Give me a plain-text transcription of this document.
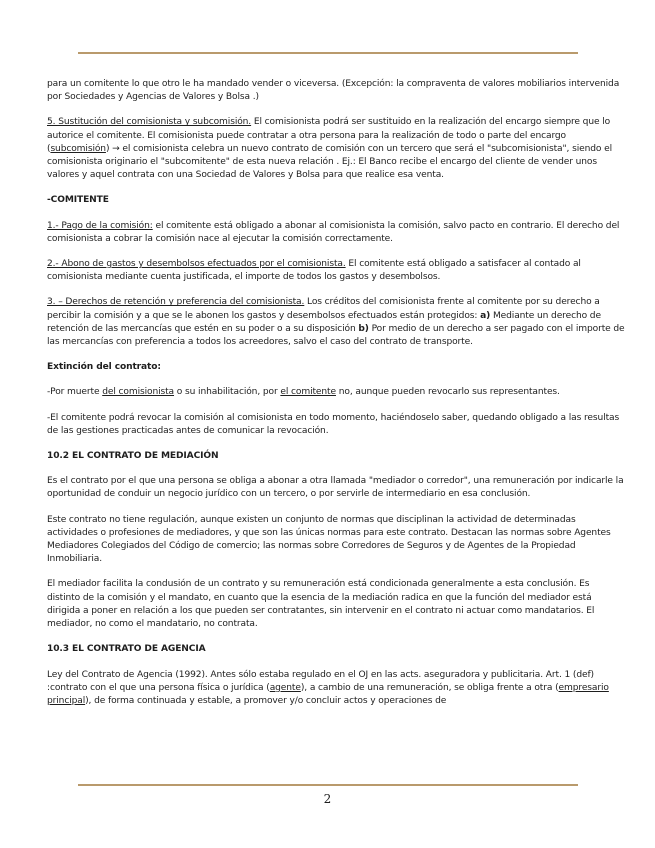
para un comitente lo que otro le ha mandado vender o viceversa. (Excepción: la compraventa de valores mobiliarios intervenida por Sociedades y Agencias de Valores y Bolsa .)

5. Sustitución del comisionista y subcomisión. El comisionista podrá ser sustituido en la realización del encargo siempre que lo autorice el comitente. El comisionista puede contratar a otra persona para la realización de todo o parte del encargo (subcomisión) → el comisionista celebra un nuevo contrato de comisión con un tercero que será el "subcomisionista", siendo el comisionista originario el "subcomitente" de esta nueva relación . Ej.: El Banco recibe el encargo del cliente de vender unos valores y aquel contrata con una Sociedad de Valores y Bolsa para que realice esa venta.

-COMITENTE

1.- Pago de la comisión: el comitente está obligado a abonar al comisionista la comisión, salvo pacto en contrario. El derecho del comisionista a cobrar la comisión nace al ejecutar la comisión correctamente.

2.- Abono de gastos y desembolsos efectuados por el comisionista. El comitente está obligado a satisfacer al contado al comisionista mediante cuenta justificada, el importe de todos los gastos y desembolsos.

3. – Derechos de retención y preferencia del comisionista. Los créditos del comisionista frente al comitente por su derecho a percibir la comisión y a que se le abonen los gastos y desembolsos efectuados están protegidos: a) Mediante un derecho de retención de las mercancías que estén en su poder o a su disposición b) Por medio de un derecho a ser pagado con el importe de las mercancías con preferencia a todos los acreedores, salvo el caso del contrato de transporte.

Extinción del contrato:

-Por muerte del comisionista o su inhabilitación, por el comitente no, aunque pueden revocarlo sus representantes.

-El comitente podrá revocar la comisión al comisionista en todo momento, haciéndoselo saber, quedando obligado a las resultas de las gestiones practicadas antes de comunicar la revocación.

10.2 EL CONTRATO DE MEDIACIÓN

Es el contrato por el que una persona se obliga a abonar a otra llamada "mediador o corredor", una remuneración por indicarle la oportunidad de conduir un negocio jurídico con un tercero, o por servirle de intermediario en esa conclusión.

Este contrato no tiene regulación, aunque existen un conjunto de normas que disciplinan la actividad de determinadas actividades o profesiones de mediadores, y que son las únicas normas para este contrato. Destacan las normas sobre Agentes Mediadores Colegiados del Código de comercio; las normas sobre Corredores de Seguros y de Agentes de la Propiedad Inmobiliaria.

El mediador facilita la condusión de un contrato y su remuneración está condicionada generalmente a esta conclusión. Es distinto de la comisión y el mandato, en cuanto que la esencia de la mediación radica en que la función del mediador está dirigida a poner en relación a los que pueden ser contratantes, sin intervenir en el contrato ni actuar como mandatarios. El mediador, no como el mandatario, no contrata.

10.3 EL CONTRATO DE AGENCIA

Ley del Contrato de Agencia (1992). Antes sólo estaba regulado en el OJ en las acts. aseguradora y publicitaria. Art. 1 (def) :contrato con el que una persona física o jurídica (agente), a cambio de una remuneración, se obliga frente a otra (empresario principal), de forma continuada y estable, a promover y/o concluir actos y operaciones de

2
